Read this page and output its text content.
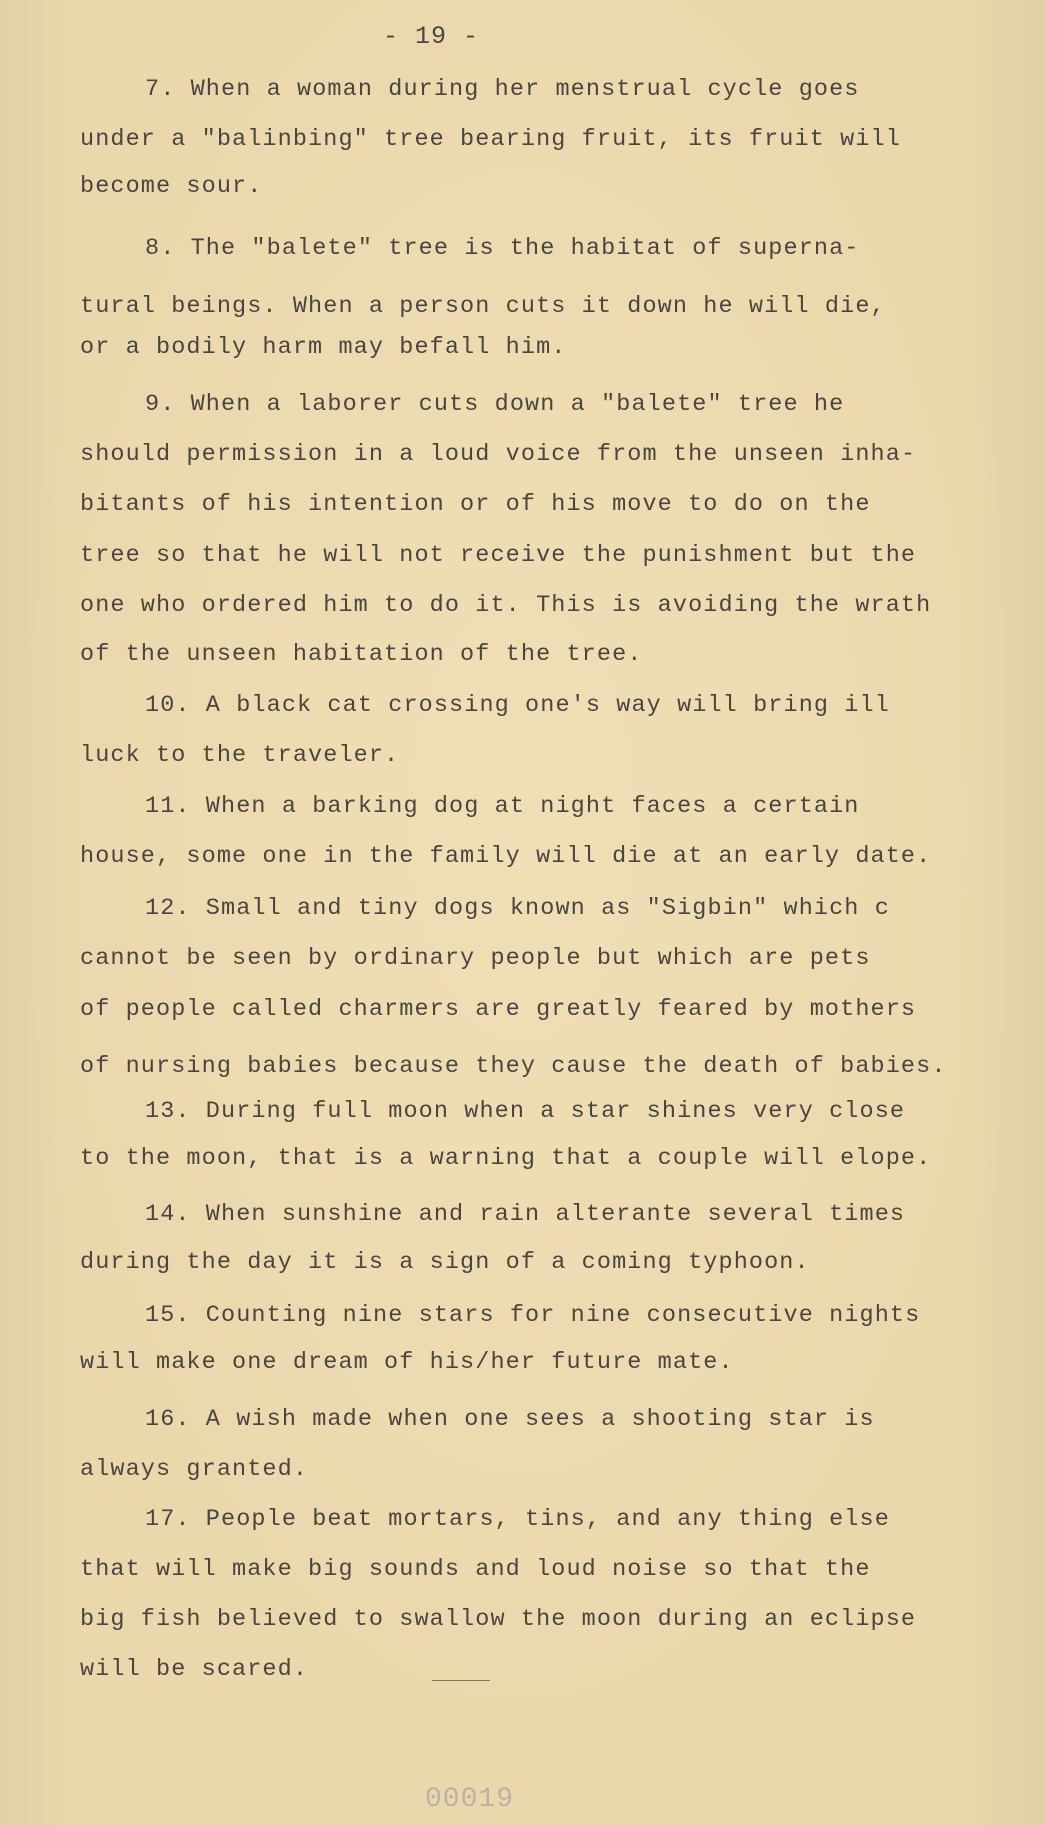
- 19 -
7. When a woman during her menstrual cycle goes
under a "balinbing" tree bearing fruit, its fruit will
become sour.
8. The "balete" tree is the habitat of superna-
tural beings. When a person cuts it down he will die,
or a bodily harm may befall him.
9. When a laborer cuts down a "balete" tree he
should permission in a loud voice from the unseen inha-
bitants of his intention or of his move to do on the
tree so that he will not receive the punishment but the
one who ordered him to do it. This is avoiding the wrath
of the unseen habitation of the tree.
10. A black cat crossing one's way will bring ill
luck to the traveler.
11. When a barking dog at night faces a certain
house, some one in the family will die at an early date.
12. Small and tiny dogs known as "Sigbin" which c
cannot be seen by ordinary people but which are pets
of people called charmers are greatly feared by mothers
of nursing babies because they cause the death of babies.
13. During full moon when a star shines very close
to the moon, that is a warning that a couple will elope.
14. When sunshine and rain alterante several times
during the day it is a sign of a coming typhoon.
15. Counting nine stars for nine consecutive nights
will make one dream of his/her future mate.
16. A wish made when one sees a shooting star is
always granted.
17. People beat mortars, tins, and any thing else
that will make big sounds and loud noise so that the
big fish believed to swallow the moon during an eclipse
will be scared.
00019
